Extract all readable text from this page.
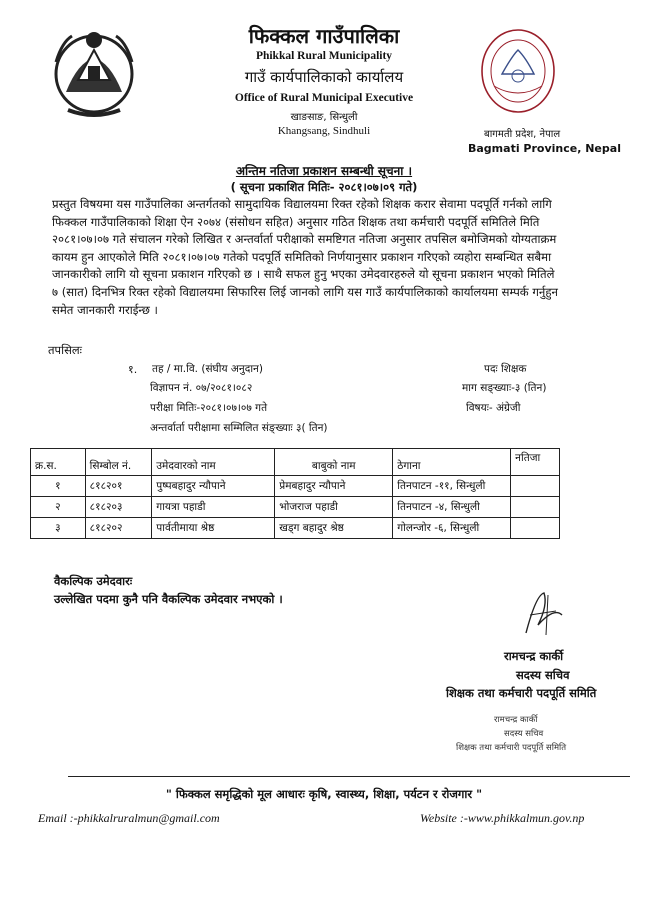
फिक्कल गाउँपालिका
Phikkal Rural Municipality
गाउँ कार्यपालिकाको कार्यालय
Office of Rural Municipal Executive
खाङसाङ, सिन्धुली
Khangsang, Sindhuli	बागमती प्रदेश, नेपाल
Bagmati Province, Nepal
अन्तिम नतिजा प्रकाशन सम्बन्धी सूचना ।
( सूचना प्रकाशित मितिः- २०८१।०७।०९ गते)
प्रस्तुत विषयमा यस गाउँपालिका अन्तर्गतको सामुदायिक विद्यालयमा रिक्त रहेको शिक्षक करार सेवामा पदपूर्ति गर्नको लागि
फिक्कल गाउँपालिकाको शिक्षा ऐन २०७४ (संसोधन सहित) अनुसार गठित शिक्षक तथा कर्मचारी पदपूर्ति समितिले मिति
२०८१।०७।०७ गते संचालन गरेको लिखित र अन्तर्वार्ता परीक्षाको समष्टिगत नतिजा अनुसार तपसिल बमोजिमको योग्यताक्रम
कायम हुन आएकोले मिति २०८१।०७।०७ गतेको पदपूर्ति समितिको निर्णयानुसार प्रकाशन गरिएको व्यहोरा सम्बन्धित सबैमा
जानकारीको लागि यो सूचना प्रकाशन गरिएको छ । साथै सफल हुनु भएका उमेदवारहरुले यो सूचना प्रकाशन भएको मितिले
७ (सात) दिनभित्र रिक्त रहेको विद्यालयमा सिफारिस लिई जानको लागि यस गाउँ कार्यपालिकाको कार्यालयमा सम्पर्क गर्नुहुन
समेत जानकारी गराईन्छ ।
तपसिलः
१. तह / मा.वि. (संघीय अनुदान)	पदः शिक्षक
विज्ञापन नं. ०७/२०८१।०८२	माग सङ्ख्याः-३ (तिन)
परीक्षा मितिः-२०८१।०७।०७ गते	विषयः- अंग्रेजी
अन्तर्वार्ता परीक्षामा सम्मिलित संङ्ख्याः ३( तिन)
क्र.स.	सिम्बोल नं.	उमेदवारको नाम	बाबुको नाम	ठेगाना	नतिजा
१	८१८२०१	पुष्पबहादुर न्यौपाने	प्रेमबहादुर न्यौपाने	तिनपाटन -११, सिन्धुली	
२	८१८२०३	गायत्रा पहाडी	भोजराज पहाडी	तिनपाटन -४, सिन्धुली	
३	८१८२०२	पार्वतीमाया श्रेष्ठ	खड्ग बहादुर श्रेष्ठ	गोलन्जोर -६, सिन्धुली	
वैकल्पिक उमेदवारः
उल्लेखित पदमा कुनै पनि वैकल्पिक उमेदवार नभएको ।
रामचन्द्र कार्की
सदस्य सचिव
शिक्षक तथा कर्मचारी पदपूर्ति समिति
रामचन्द्र कार्की
सदस्य सचिव
शिक्षक तथा कर्मचारी पदपूर्ति समिति
" फिक्कल समृद्धिको मूल आधारः कृषि, स्वास्थ्य, शिक्षा, पर्यटन र रोजगार "
Email :-phikkalruralmun@gmail.com	Website :-www.phikkalmun.gov.np
